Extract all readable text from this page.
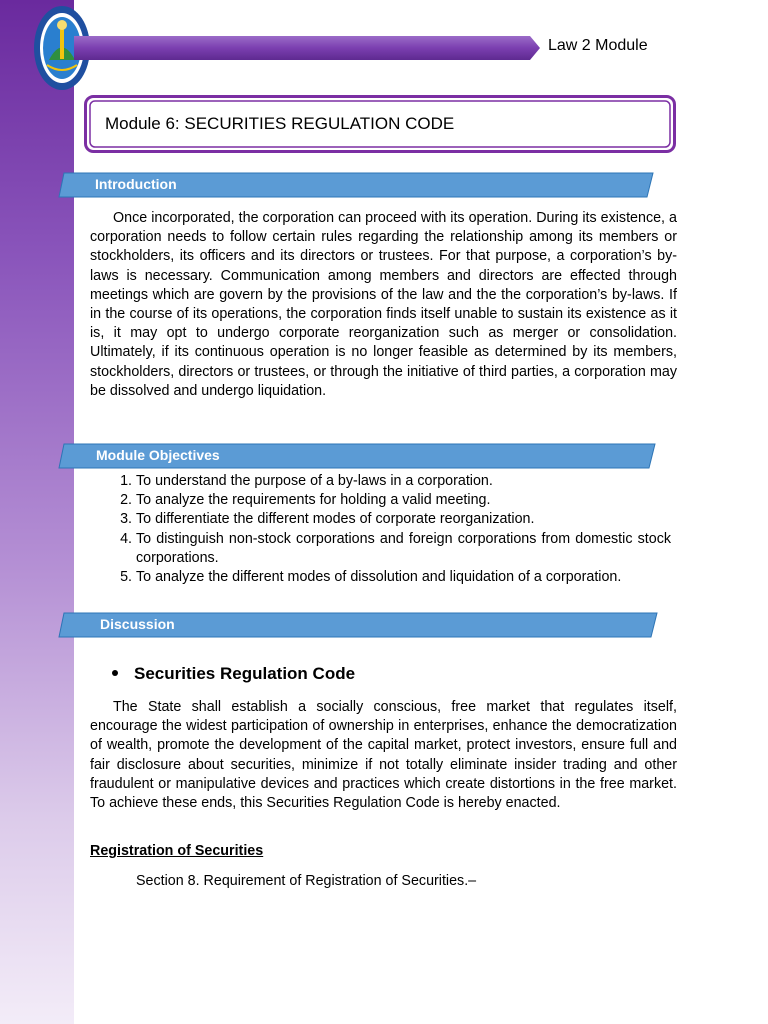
Law 2 Module
Module 6: SECURITIES REGULATION CODE
Introduction

Once incorporated, the corporation can proceed with its operation. During its existence, a corporation needs to follow certain rules regarding the relationship among its members or stockholders, its officers and its directors or trustees. For that purpose, a corporation’s by-laws is necessary. Communication among members and directors are effected through meetings which are govern by the provisions of the law and the the corporation’s by-laws. If in the course of its operations, the corporation finds itself unable to sustain its existence as it is, it may opt to undergo corporate reorganization such as merger or consolidation. Ultimately, if its continuous operation is no longer feasible as determined by its members, stockholders, directors or trustees, or through the initiative of third parties, a corporation may be dissolved and undergo liquidation.

Module Objectives
1. To understand the purpose of a by-laws in a corporation.
2. To analyze the requirements for holding a valid meeting.
3. To differentiate the different modes of corporate reorganization.
4. To distinguish non-stock corporations and foreign corporations from domestic stock corporations.
5. To analyze the different modes of dissolution and liquidation of a corporation.
Discussion
Securities Regulation Code

The State shall establish a socially conscious, free market that regulates itself, encourage the widest participation of ownership in enterprises, enhance the democratization of wealth, promote the development of the capital market, protect investors, ensure full and fair disclosure about securities, minimize if not totally eliminate insider trading and other fraudulent or manipulative devices and practices which create distortions in the free market. To achieve these ends, this Securities Regulation Code is hereby enacted.

Registration of Securities
Section 8. Requirement of Registration of Securities.–
